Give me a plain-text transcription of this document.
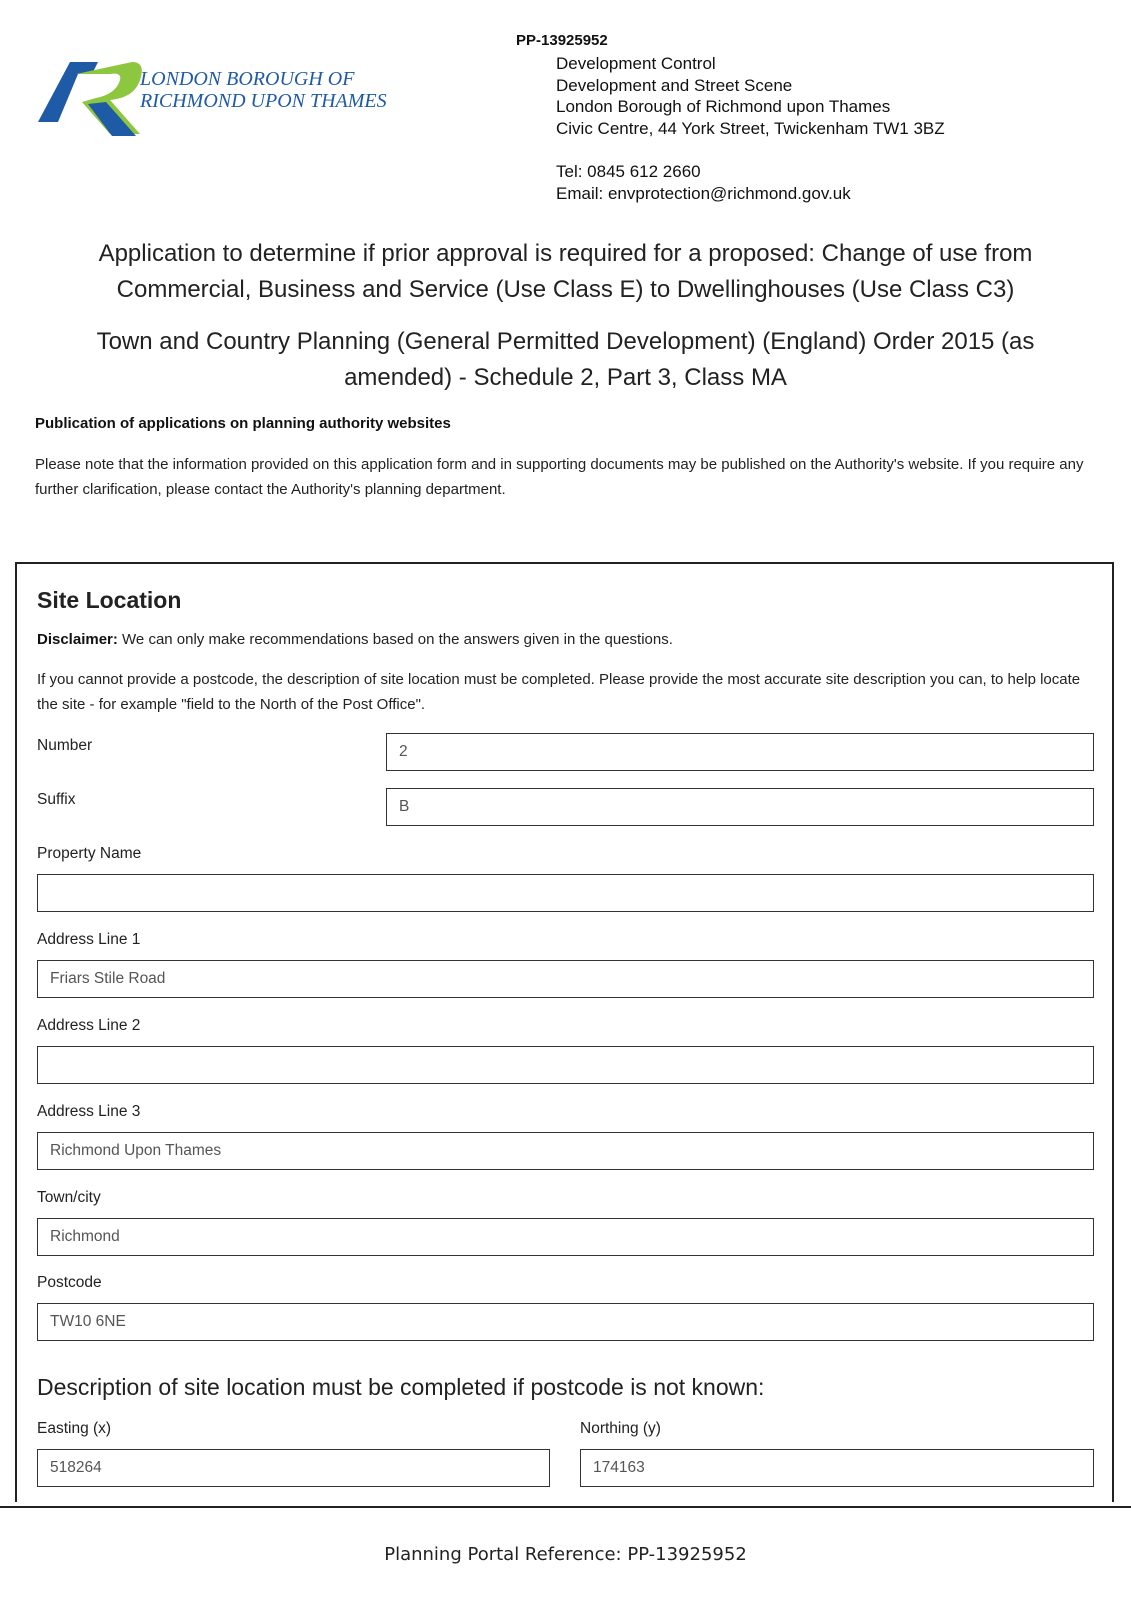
LONDON BOROUGH OF
RICHMOND UPON THAMES
PP-13925952
Development Control
Development and Street Scene
London Borough of Richmond upon Thames
Civic Centre, 44 York Street, Twickenham TW1 3BZ
Tel: 0845 612 2660
Email: envprotection@richmond.gov.uk
Application to determine if prior approval is required for a proposed: Change of use from Commercial, Business and Service (Use Class E) to Dwellinghouses (Use Class C3)
Town and Country Planning (General Permitted Development) (England) Order 2015 (as amended) - Schedule 2, Part 3, Class MA
Publication of applications on planning authority websites
Please note that the information provided on this application form and in supporting documents may be published on the Authority's website. If you require any further clarification, please contact the Authority's planning department.
Site Location
Disclaimer: We can only make recommendations based on the answers given in the questions.
If you cannot provide a postcode, the description of site location must be completed. Please provide the most accurate site description you can, to help locate the site - for example "field to the North of the Post Office".
Number	2
Suffix	B
Property Name
Address Line 1
Friars Stile Road
Address Line 2
Address Line 3
Richmond Upon Thames
Town/city
Richmond
Postcode
TW10 6NE
Description of site location must be completed if postcode is not known:
Easting (x)
518264
Northing (y)
174163
Planning Portal Reference: PP-13925952
